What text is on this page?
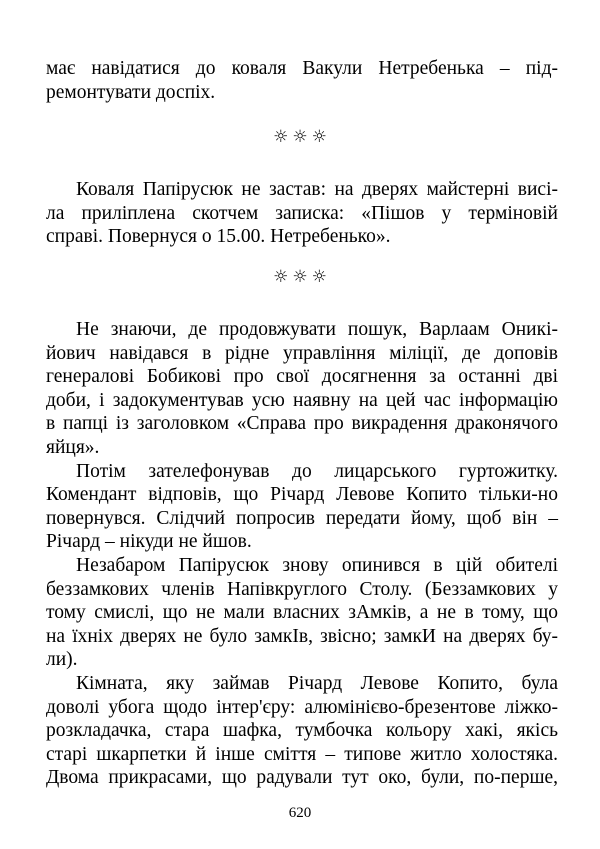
має навідатися до коваля Вакули Нетребенька – під-
ремонтувати доспіх.
☼☼☼
Коваля Папірусюк не застав: на дверях майстерні висі-
ла приліплена скотчем записка: «Пішов у терміновій
справі. Повернуся о 15.00. Нетребенько».
☼☼☼
Не знаючи, де продовжувати пошук, Варлаам Оникі-
йович навідався в рідне управління міліції, де доповів
генералові Бобикові про свої досягнення за останні дві
доби, і задокументував усю наявну на цей час інформацію
в папці із заголовком «Справа про викрадення драконячого
яйця».
Потім зателефонував до лицарського гуртожитку.
Комендант відповів, що Річард Левове Копито тільки-но
повернувся. Слідчий попросив передати йому, щоб він –
Річард – нікуди не йшов.
Незабаром Папірусюк знову опинився в цій обителі
беззамкових членів Напівкруглого Столу. (Беззамкових у
тому смислі, що не мали власних зАмків, а не в тому, що
на їхніх дверях не було замкІв, звісно; замкИ на дверях бу-
ли).
Кімната, яку займав Річард Левове Копито, була
доволі убога щодо інтер'єру: алюмінієво-брезентове ліжко-
розкладачка, стара шафка, тумбочка кольору хакі, якісь
старі шкарпетки й інше сміття – типове житло холостяка.
Двома прикрасами, що радували тут око, були, по-перше,
620
